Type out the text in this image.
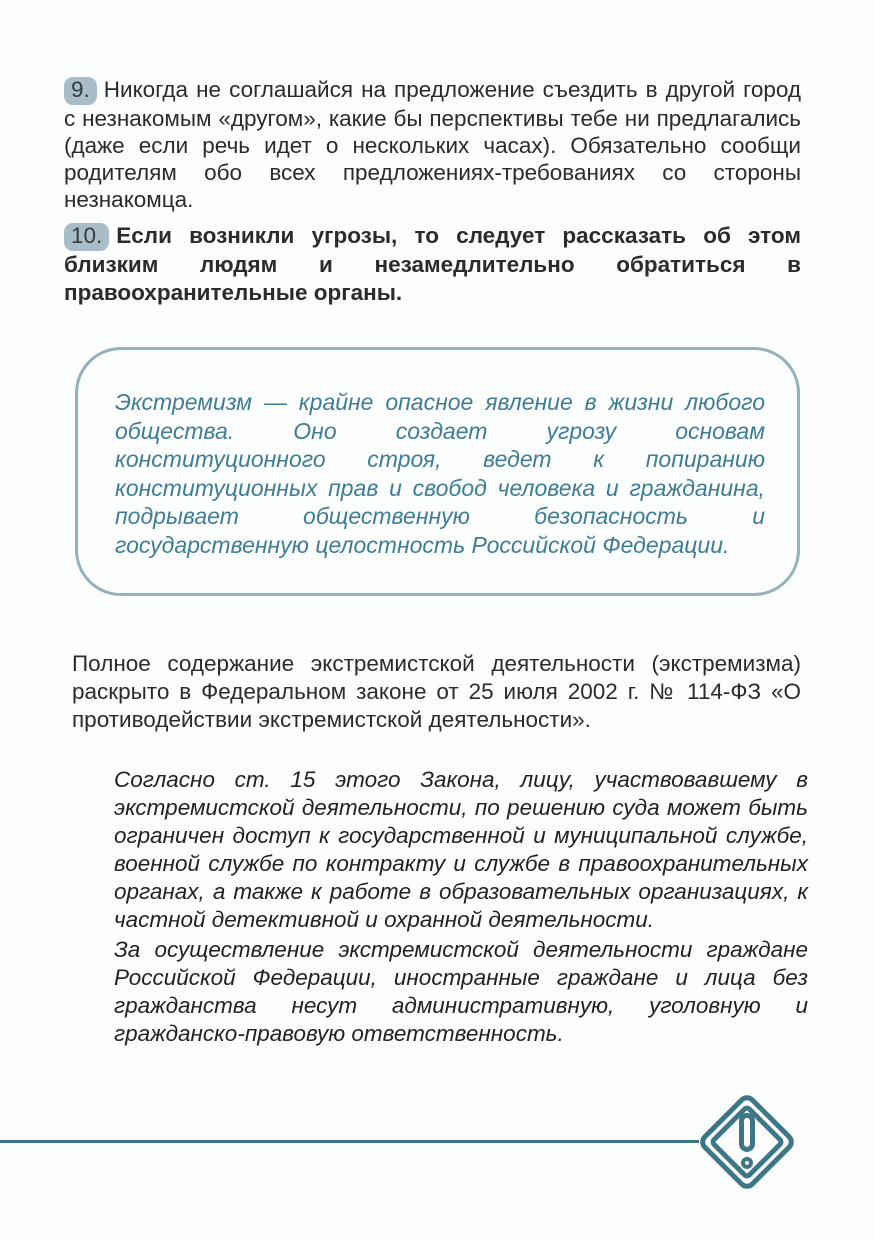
9. Никогда не соглашайся на предложение съездить в другой город с незнакомым «другом», какие бы перспективы тебе ни предлагались (даже если речь идет о нескольких часах). Обязательно сообщи родителям обо всех предложениях-требованиях со стороны незнакомца.

10. Если возникли угрозы, то следует рассказать об этом близким людям и незамедлительно обратиться в правоохранительные органы.

Экстремизм — крайне опасное явление в жизни любого общества. Оно создает угрозу основам конституционного строя, ведет к попиранию конституционных прав и свобод человека и гражданина, подрывает общественную безопасность и государственную целостность Российской Федерации.

Полное содержание экстремистской деятельности (экстремизма) раскрыто в Федеральном законе от 25 июля 2002 г. № 114-ФЗ «О противодействии экстремистской деятельности».

Согласно ст. 15 этого Закона, лицу, участвовавшему в экстремистской деятельности, по решению суда может быть ограничен доступ к государственной и муниципальной службе, военной службе по контракту и службе в правоохранительных органах, а также к работе в образовательных организациях, к частной детективной и охранной деятельности.

За осуществление экстремистской деятельности граждане Российской Федерации, иностранные граждане и лица без гражданства несут административную, уголовную и гражданско-правовую ответственность.
